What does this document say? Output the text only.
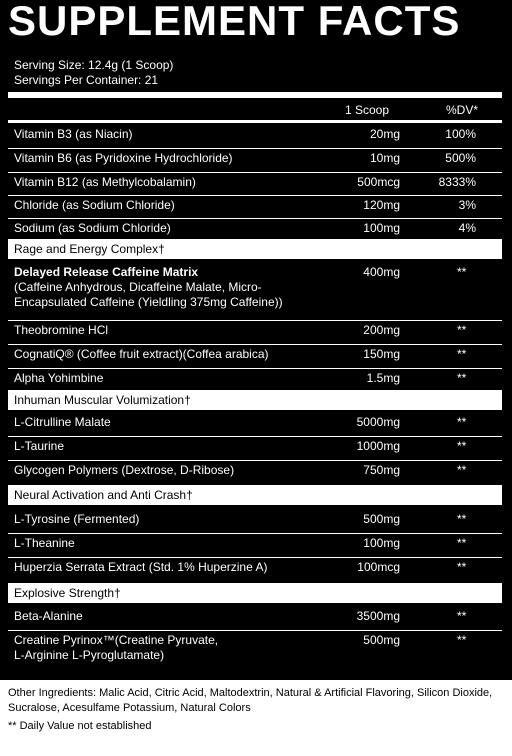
SUPPLEMENT FACTS
Serving Size: 12.4g (1 Scoop)
Servings Per Container: 21
1 Scoop	%DV*
Vitamin B3 (as Niacin)	20mg	100%
Vitamin B6 (as Pyridoxine Hydrochloride)	10mg	500%
Vitamin B12 (as Methylcobalamin)	500mcg	8333%
Chloride (as Sodium Chloride)	120mg	3%
Sodium (as Sodium Chloride)	100mg	4%
Rage and Energy Complex†
Delayed Release Caffeine Matrix
(Caffeine Anhydrous, Dicaffeine Malate, Micro-
Encapsulated Caffeine (Yieldling 375mg Caffeine))
400mg	**
Theobromine HCl	200mg	**
CognatiQ® (Coffee fruit extract)(Coffea arabica)	150mg	**
Alpha Yohimbine	1.5mg	**
Inhuman Muscular Volumization†
L-Citrulline Malate	5000mg	**
L-Taurine	1000mg	**
Glycogen Polymers (Dextrose, D-Ribose)	750mg	**
Neural Activation and Anti Crash†
L-Tyrosine (Fermented)	500mg	**
L-Theanine	100mg	**
Huperzia Serrata Extract (Std. 1% Huperzine A)	100mcg	**
Explosive Strength†
Beta-Alanine	3500mg	**
Creatine Pyrinox™(Creatine Pyruvate,
L-Arginine L-Pyroglutamate)
500mg	**
Other Ingredients: Malic Acid, Citric Acid, Maltodextrin, Natural & Artificial Flavoring, Silicon Dioxide, Sucralose, Acesulfame Potassium, Natural Colors
** Daily Value not established
